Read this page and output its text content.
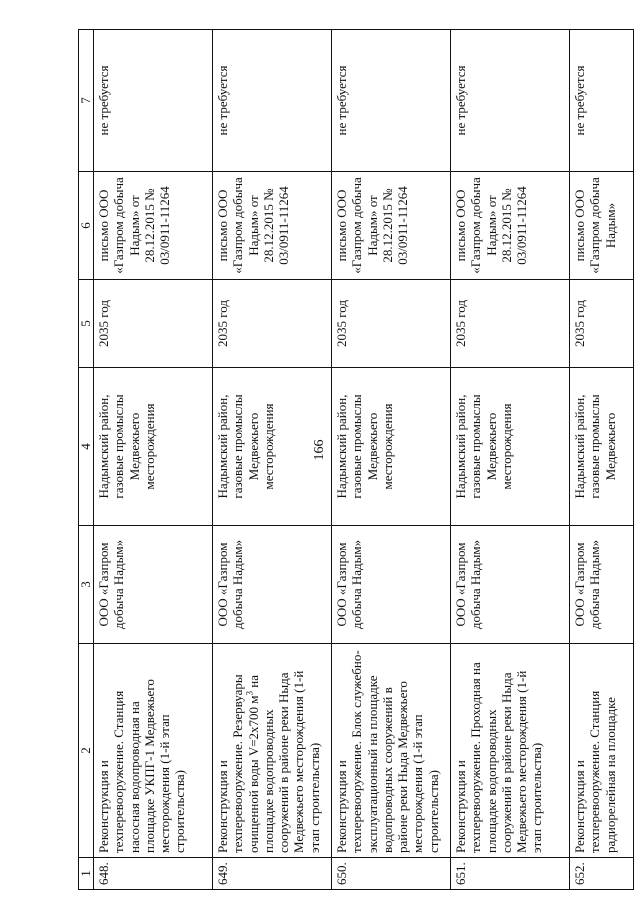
166
1	2	3	4	5	6	7
648.	Реконструкция и техперевооружение. Станция насосная водопроводная на площадке УКПГ-1 Медвежьего месторождения (1-й этап строительства)	ООО «Газпром добыча Надым»	Надымский район, газовые промыслы Медвежьего месторождения	2035 год	письмо ООО «Газпром добыча Надым» от 28.12.2015 № 03/0911-11264	не требуется
649.	Реконструкция и техперевооружение. Резервуары очищенной воды V=2х700 $м^3$ на площадке водопроводных сооружений в районе реки Ныда Медвежьего месторождения (1-й этап строительства)	ООО «Газпром добыча Надым»	Надымский район, газовые промыслы Медвежьего месторождения	2035 год	письмо ООО «Газпром добыча Надым» от 28.12.2015 № 03/0911-11264	не требуется
650.	Реконструкция и техперевооружение. Блок служебно-эксплуатационный на площадке водопроводных сооружений в районе реки Ныда Медвежьего месторождения (1-й этап строительства)	ООО «Газпром добыча Надым»	Надымский район, газовые промыслы Медвежьего месторождения	2035 год	письмо ООО «Газпром добыча Надым» от 28.12.2015 № 03/0911-11264	не требуется
651.	Реконструкция и техперевооружение. Проходная на площадке водопроводных сооружений в районе реки Ныда Медвежьего месторождения (1-й этап строительства)	ООО «Газпром добыча Надым»	Надымский район, газовые промыслы Медвежьего месторождения	2035 год	письмо ООО «Газпром добыча Надым» от 28.12.2015 № 03/0911-11264	не требуется
652.	Реконструкция и техперевооружение. Станция радиорелейная на площадке	ООО «Газпром добыча Надым»	Надымский район, газовые промыслы Медвежьего	2035 год	письмо ООО «Газпром добыча Надым»	не требуется
